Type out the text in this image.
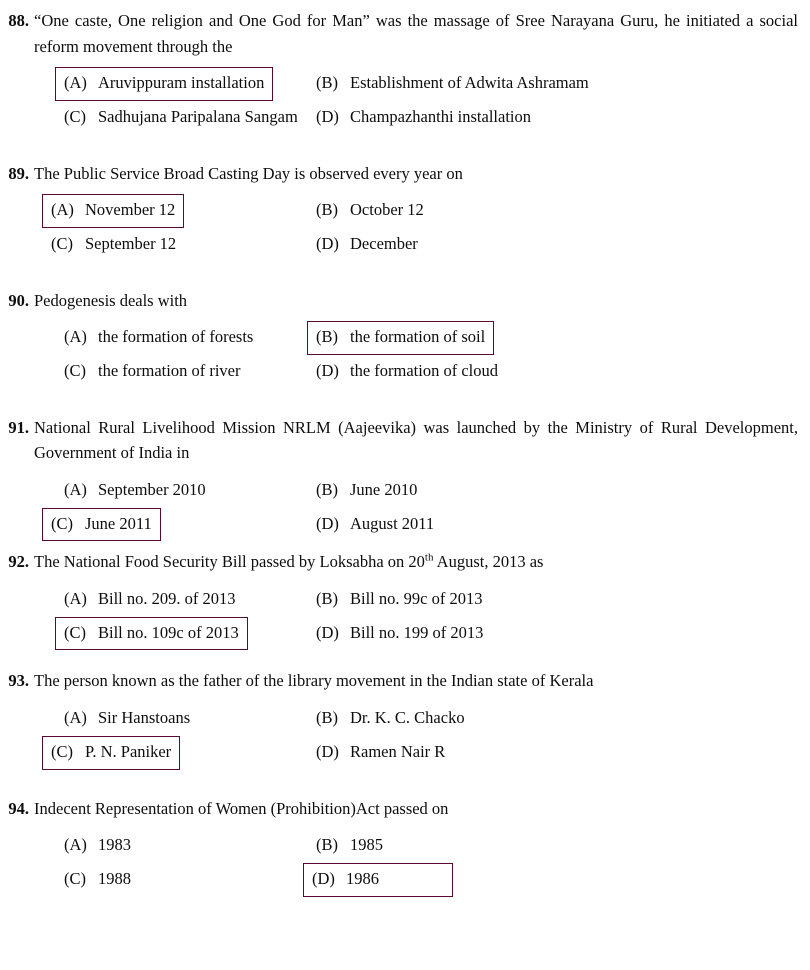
88. “One caste, One religion and One God for Man” was the massage of Sree Narayana Guru, he initiated a social reform movement through the
(A) Aruvippuram installation	(B) Establishment of Adwita Ashramam
(C) Sadhujana Paripalana Sangam (D) Champazhanthi installation
89. The Public Service Broad Casting Day is observed every year on
(A) November 12	(B) October 12
(C) September 12	(D) December
90. Pedogenesis deals with
(A) the formation of forests	(B) the formation of soil
(C) the formation of river	(D) the formation of cloud
91. National Rural Livelihood Mission NRLM (Aajeevika) was launched by the Ministry of Rural Development, Government of India in
(A) September 2010	(B) June 2010
(C) June 2011	(D) August 2011
92. The National Food Security Bill passed by Loksabha on 20th August, 2013 as
(A) Bill no. 209. of 2013	(B) Bill no. 99c of 2013
(C) Bill no. 109c of 2013	(D) Bill no. 199 of 2013
93. The person known as the father of the library movement in the Indian state of Kerala
(A) Sir Hanstoans	(B) Dr. K. C. Chacko
(C) P. N. Paniker	(D) Ramen Nair R
94. Indecent Representation of Women (Prohibition)Act passed on
(A) 1983	(B) 1985
(C) 1988	(D) 1986
